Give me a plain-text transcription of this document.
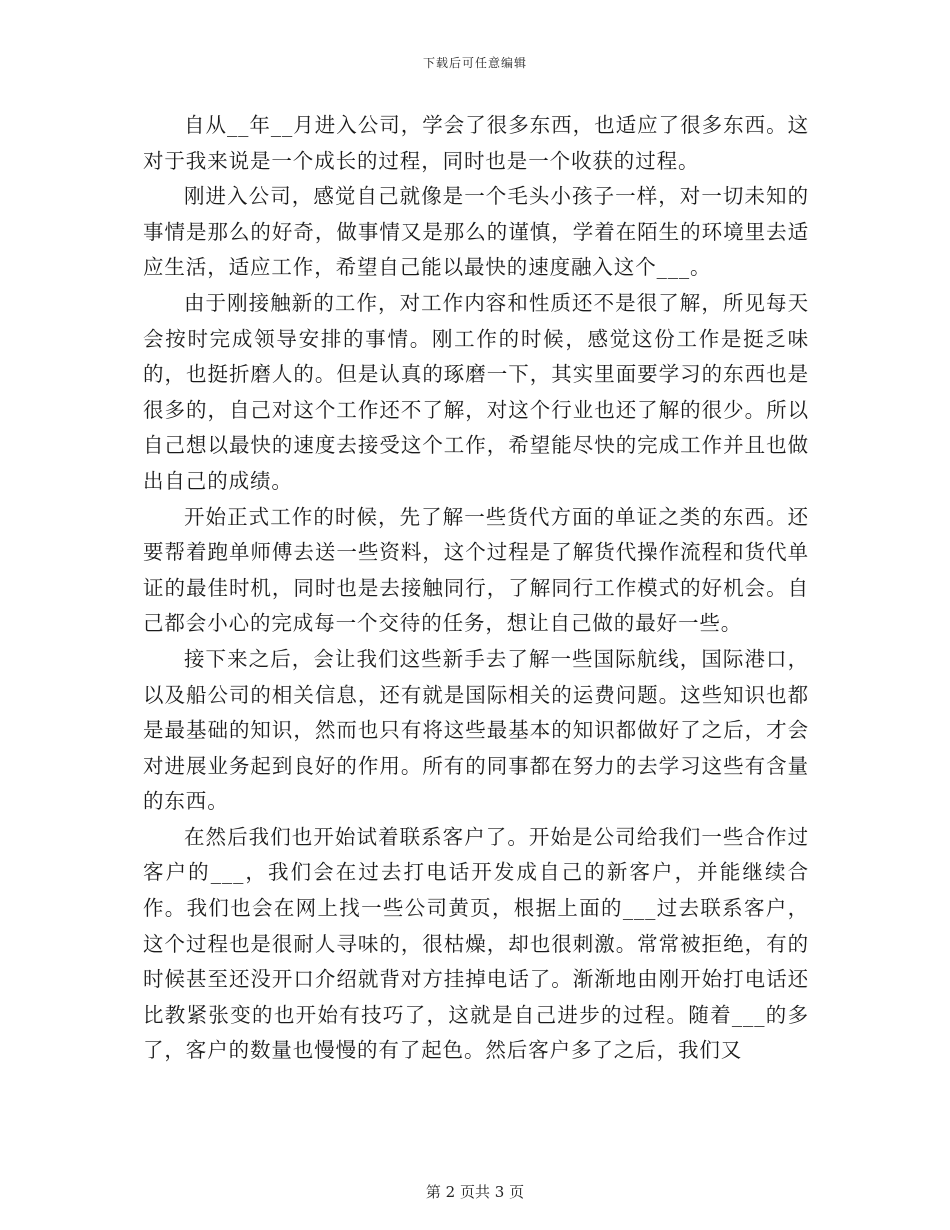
下载后可任意编辑

自从__年__月进入公司，学会了很多东西，也适应了很多东西。这对于我来说是一个成长的过程，同时也是一个收获的过程。

刚进入公司，感觉自己就像是一个毛头小孩子一样，对一切未知的事情是那么的好奇，做事情又是那么的谨慎，学着在陌生的环境里去适应生活，适应工作，希望自己能以最快的速度融入这个___。

由于刚接触新的工作，对工作内容和性质还不是很了解，所见每天会按时完成领导安排的事情。刚工作的时候，感觉这份工作是挺乏味的，也挺折磨人的。但是认真的琢磨一下，其实里面要学习的东西也是很多的，自己对这个工作还不了解，对这个行业也还了解的很少。所以自己想以最快的速度去接受这个工作，希望能尽快的完成工作并且也做出自己的成绩。

开始正式工作的时候，先了解一些货代方面的单证之类的东西。还要帮着跑单师傅去送一些资料，这个过程是了解货代操作流程和货代单证的最佳时机，同时也是去接触同行，了解同行工作模式的好机会。自己都会小心的完成每一个交待的任务，想让自己做的最好一些。

接下来之后，会让我们这些新手去了解一些国际航线，国际港口，以及船公司的相关信息，还有就是国际相关的运费问题。这些知识也都是最基础的知识，然而也只有将这些最基本的知识都做好了之后，才会对进展业务起到良好的作用。所有的同事都在努力的去学习这些有含量的东西。

在然后我们也开始试着联系客户了。开始是公司给我们一些合作过客户的___，我们会在过去打电话开发成自己的新客户，并能继续合作。我们也会在网上找一些公司黄页，根据上面的___过去联系客户，这个过程也是很耐人寻味的，很枯燥，却也很刺激。常常被拒绝，有的时候甚至还没开口介绍就背对方挂掉电话了。渐渐地由刚开始打电话还比教紧张变的也开始有技巧了，这就是自己进步的过程。随着___的多了，客户的数量也慢慢的有了起色。然后客户多了之后，我们又

第 2 页共 3 页
